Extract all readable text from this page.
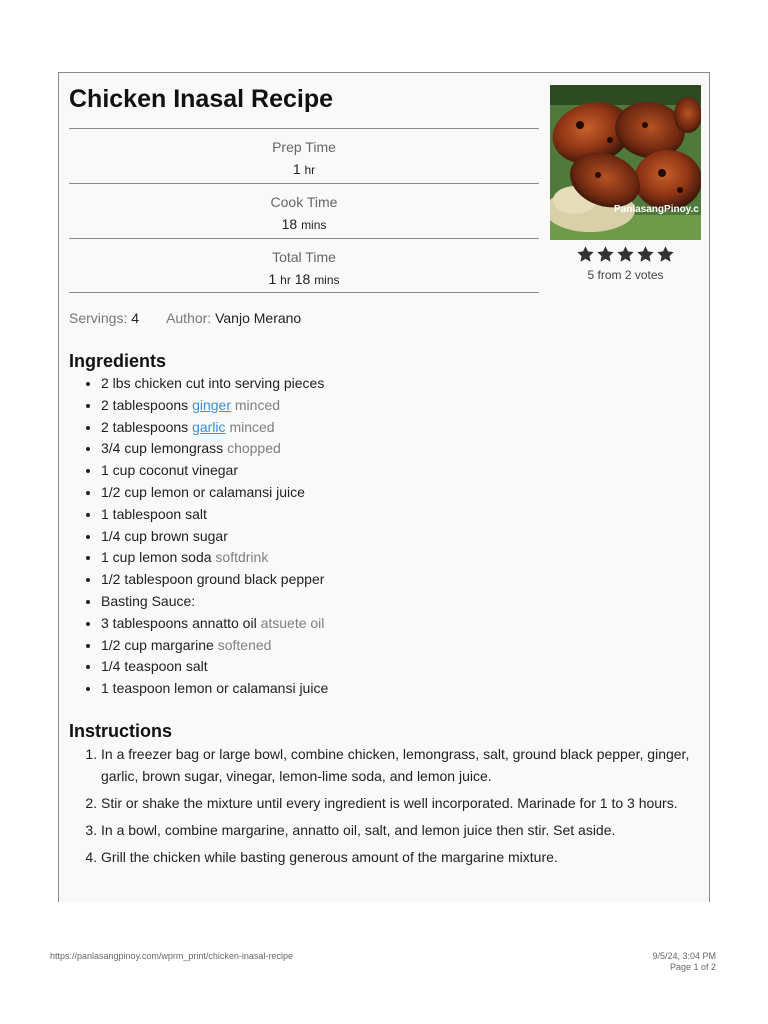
Chicken Inasal Recipe
Prep Time
1 hr
Cook Time
18 mins
Total Time
1 hr 18 mins
PanlasangPinoy.c
5 from 2 votes
Servings: 4 Author: Vanjo Merano
Ingredients
• 2 lbs chicken cut into serving pieces
• 2 tablespoons ginger minced
• 2 tablespoons garlic minced
• 3/4 cup lemongrass chopped
• 1 cup coconut vinegar
• 1/2 cup lemon or calamansi juice
• 1 tablespoon salt
• 1/4 cup brown sugar
• 1 cup lemon soda softdrink
• 1/2 tablespoon ground black pepper
• Basting Sauce:
• 3 tablespoons annatto oil atsuete oil
• 1/2 cup margarine softened
• 1/4 teaspoon salt
• 1 teaspoon lemon or calamansi juice
Instructions
1. In a freezer bag or large bowl, combine chicken, lemongrass, salt, ground black pepper, ginger, garlic, brown sugar, vinegar, lemon-lime soda, and lemon juice.
2. Stir or shake the mixture until every ingredient is well incorporated. Marinade for 1 to 3 hours.
3. In a bowl, combine margarine, annatto oil, salt, and lemon juice then stir. Set aside.
4. Grill the chicken while basting generous amount of the margarine mixture.
https://panlasangpinoy.com/wprm_print/chicken-inasal-recipe	9/5/24, 3:04 PM
Page 1 of 2
